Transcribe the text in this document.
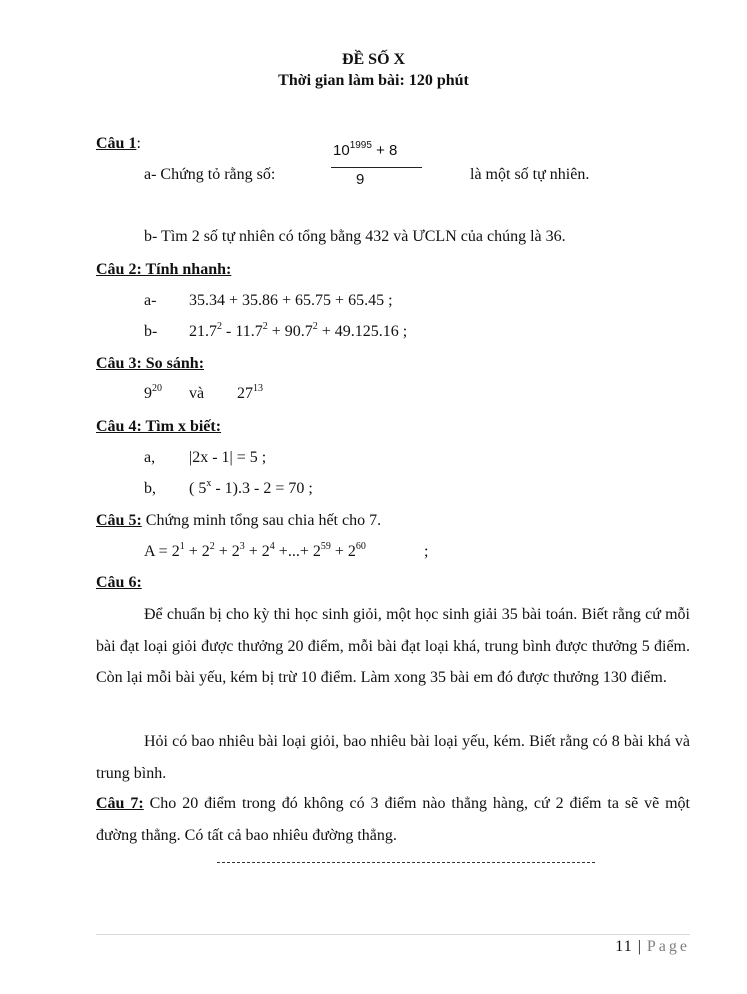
ĐỀ SỐ X
Thời gian làm bài: 120 phút
Câu 1:
a- Chứng tỏ rằng số:
$10^{1995} + 8$
9	là một số tự nhiên.
b- Tìm 2 số tự nhiên có tổng bằng 432 và ƯCLN của chúng là 36.
Câu 2: Tính nhanh:
a- 35.34 + 35.86 + 65.75 + 65.45 ;
b- $21.7^2 - 11.7^2 + 90.7^2 + 49.125.16$ ;
Câu 3: So sánh:
$9^{20}$ và $27^{13}$
Câu 4: Tìm x biết:
a, |2x - 1| = 5 ;
b, ( 5$^x$ - 1).3 - 2 = 70 ;
Câu 5: Chứng minh tổng sau chia hết cho 7.
$A = 2^1 + 2^2 + 2^3 + 2^4$ +...+ $2^{59} + 2^{60}$	;
Câu 6:
Để chuẩn bị cho kỳ thi học sinh giỏi, một học sinh giải 35 bài toán. Biết rằng cứ mỗi bài đạt loại giỏi được thưởng 20 điểm, mỗi bài đạt loại khá, trung bình được thưởng 5 điểm. Còn lại mỗi bài yếu, kém bị trừ 10 điểm. Làm xong 35 bài em đó được thưởng 130 điểm.
Hỏi có bao nhiêu bài loại giỏi, bao nhiêu bài loại yếu, kém. Biết rằng có 8 bài khá và trung bình.
Câu 7: Cho 20 điểm trong đó không có 3 điểm nào thẳng hàng, cứ 2 điểm ta sẽ vẽ một đường thẳng. Có tất cả bao nhiêu đường thẳng.
11 | Page
